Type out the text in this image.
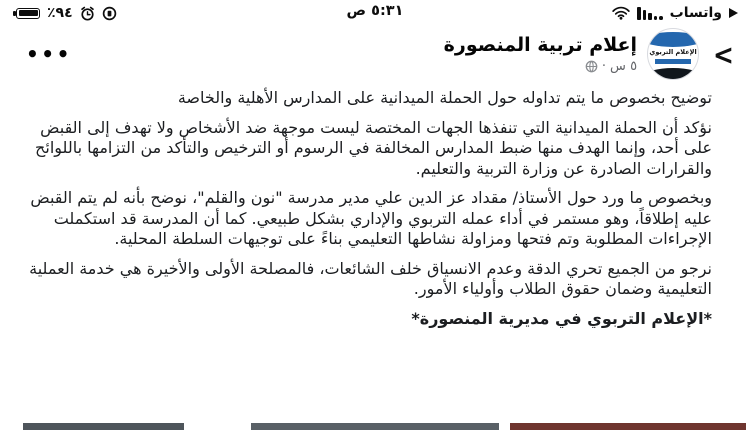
واتساب
٥:٣١ ص
٪٩٤
>
الإعلام التربوي
إعلام تربية المنصورة
٥ س
·
•••

توضيح بخصوص ما يتم تداوله حول الحملة الميدانية على المدارس الأهلية والخاصة

نؤكد أن الحملة الميدانية التي تنفذها الجهات المختصة ليست موجهة ضد الأشخاص ولا تهدف إلى القبض على أحد، وإنما الهدف منها ضبط المدارس المخالفة في الرسوم أو الترخيص والتأكد من التزامها باللوائح والقرارات الصادرة عن وزارة التربية والتعليم.

وبخصوص ما ورد حول الأستاذ/ مقداد عز الدين علي مدير مدرسة "نون والقلم"، نوضح بأنه لم يتم القبض عليه إطلاقاً، وهو مستمر في أداء عمله التربوي والإداري بشكل طبيعي. كما أن المدرسة قد استكملت الإجراءات المطلوبة وتم فتحها ومزاولة نشاطها التعليمي بناءً على توجيهات السلطة المحلية.

نرجو من الجميع تحري الدقة وعدم الانسياق خلف الشائعات، فالمصلحة الأولى والأخيرة هي خدمة العملية التعليمية وضمان حقوق الطلاب وأولياء الأمور.

*الإعلام التربوي في مديرية المنصورة*
